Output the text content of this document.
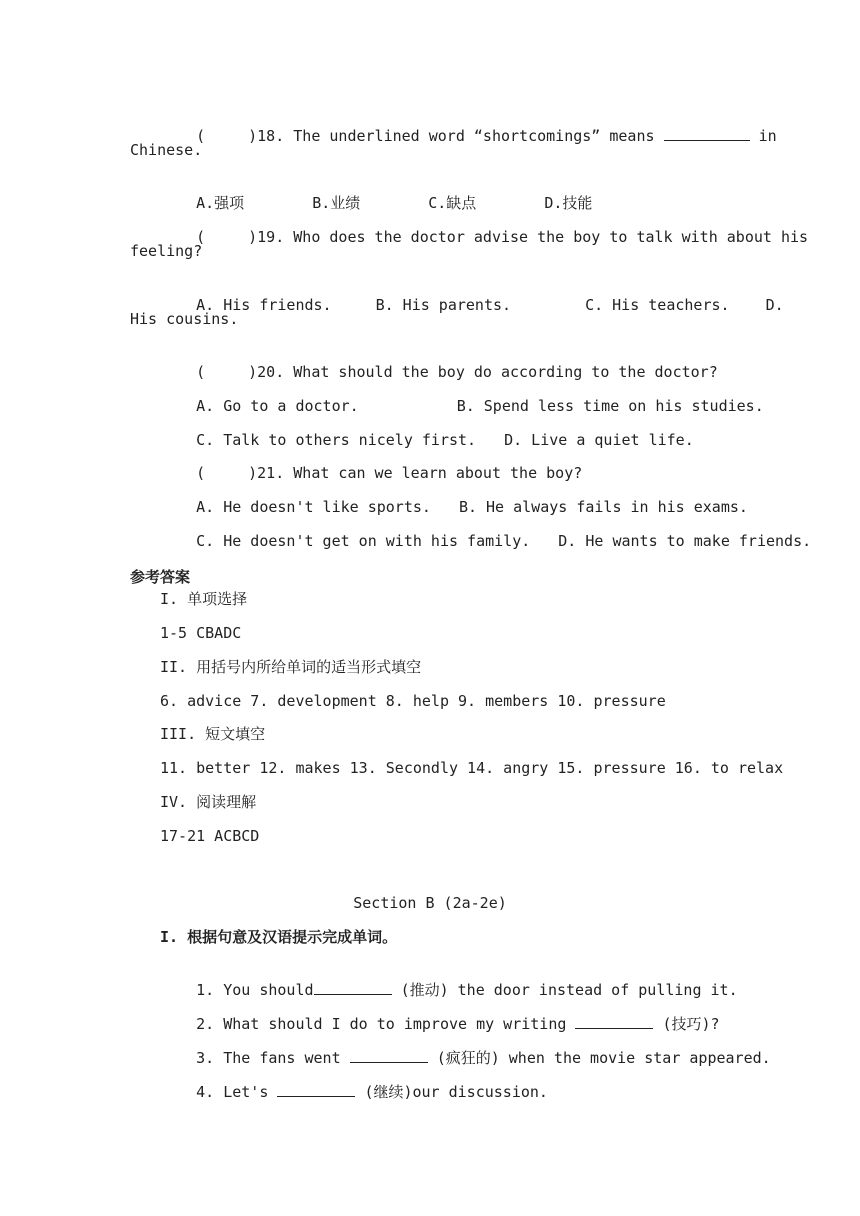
(	)18. The underlined word “shortcomings” means	in

Chinese.

A.强项	B.业绩	C.缺点	D.技能

(	)19. Who does the doctor advise the boy to talk with about his

feeling?

A. His friends.	B. His parents.	C. His teachers. D.

His cousins.

(	)20. What should the boy do according to the doctor?

A. Go to a doctor.	B. Spend less time on his studies.

C. Talk to others nicely first. D. Live a quiet life.

(	)21. What can we learn about the boy?

A. He doesn't like sports. B. He always fails in his exams.

C. He doesn't get on with his family. D. He wants to make friends.

参考答案
I. 单项选择
1-5 CBADC
II. 用括号内所给单词的适当形式填空
6. advice 7. development 8. help 9. members 10. pressure
III. 短文填空
11. better 12. makes 13. Secondly 14. angry 15. pressure 16. to relax
IV. 阅读理解
17-21 ACBCD
Section B (2a-2e)
I. 根据句意及汉语提示完成单词。

1. You should	(推动) the door instead of pulling it.

2. What should I do to improve my writing	(技巧)?

3. The fans went	(疯狂的) when the movie star appeared.

4. Let's	(继续)our discussion.
